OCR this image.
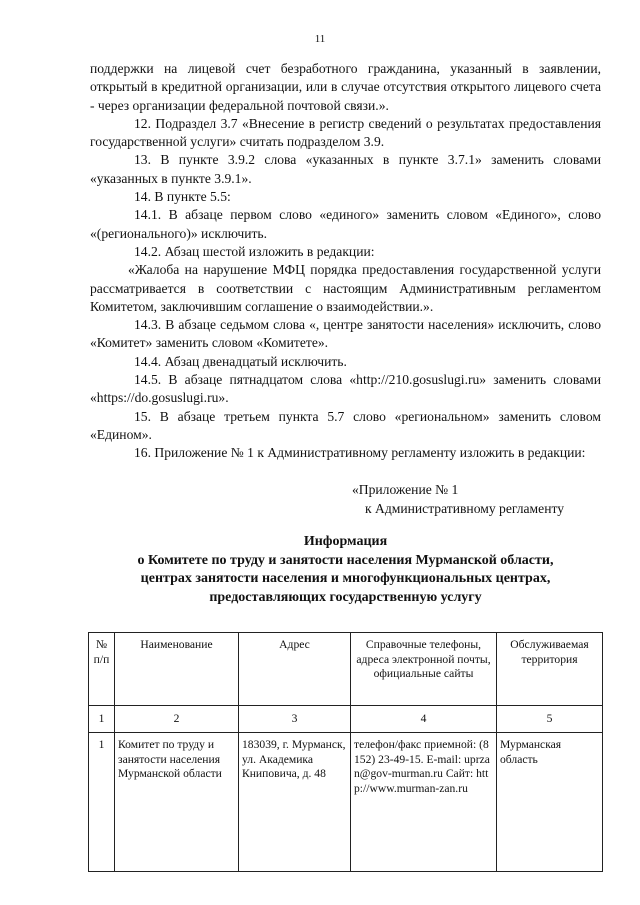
11

поддержки на лицевой счет безработного гражданина, указанный в заявлении, открытый в кредитной организации, или в случае отсутствия открытого лицевого счета - через организации федеральной почтовой связи.».

12. Подраздел 3.7 «Внесение в регистр сведений о результатах предоставления государственной услуги» считать подразделом 3.9.

13. В пункте 3.9.2 слова «указанных в пункте 3.7.1» заменить словами «указанных в пункте 3.9.1».

14. В пункте 5.5:

14.1. В абзаце первом слово «единого» заменить словом «Единого», слово «(регионального)» исключить.

14.2. Абзац шестой изложить в редакции:

«Жалоба на нарушение МФЦ порядка предоставления государственной услуги рассматривается в соответствии с настоящим Административным регламентом Комитетом, заключившим соглашение о взаимодействии.».

14.3. В абзаце седьмом слова «, центре занятости населения» исключить, слово «Комитет» заменить словом «Комитете».

14.4. Абзац двенадцатый исключить.

14.5. В абзаце пятнадцатом слова «http://210.gosuslugi.ru» заменить словами «https://do.gosuslugi.ru».

15. В абзаце третьем пункта 5.7 слово «региональном» заменить словом «Едином».

16. Приложение № 1 к Административному регламенту изложить в редакции:

«Приложение № 1
к Административному регламенту
Информация
о Комитете по труду и занятости населения Мурманской области,
центрах занятости населения и многофункциональных центрах,
предоставляющих государственную услугу
№ п/п	Наименование	Адрес	Справочные телефоны, адреса электронной почты, официальные сайты	Обслуживаемая территория
1	2	3	4	5
1	Комитет по труду и занятости населения Мурманской области	183039, г. Мурманск, ул. Академика Книповича, д. 48	телефон/факс приемной: (8152) 23-49-15. E-mail: uprzan@gov-murman.ru Сайт: http://www.murman-zan.ru	Мурманская область
